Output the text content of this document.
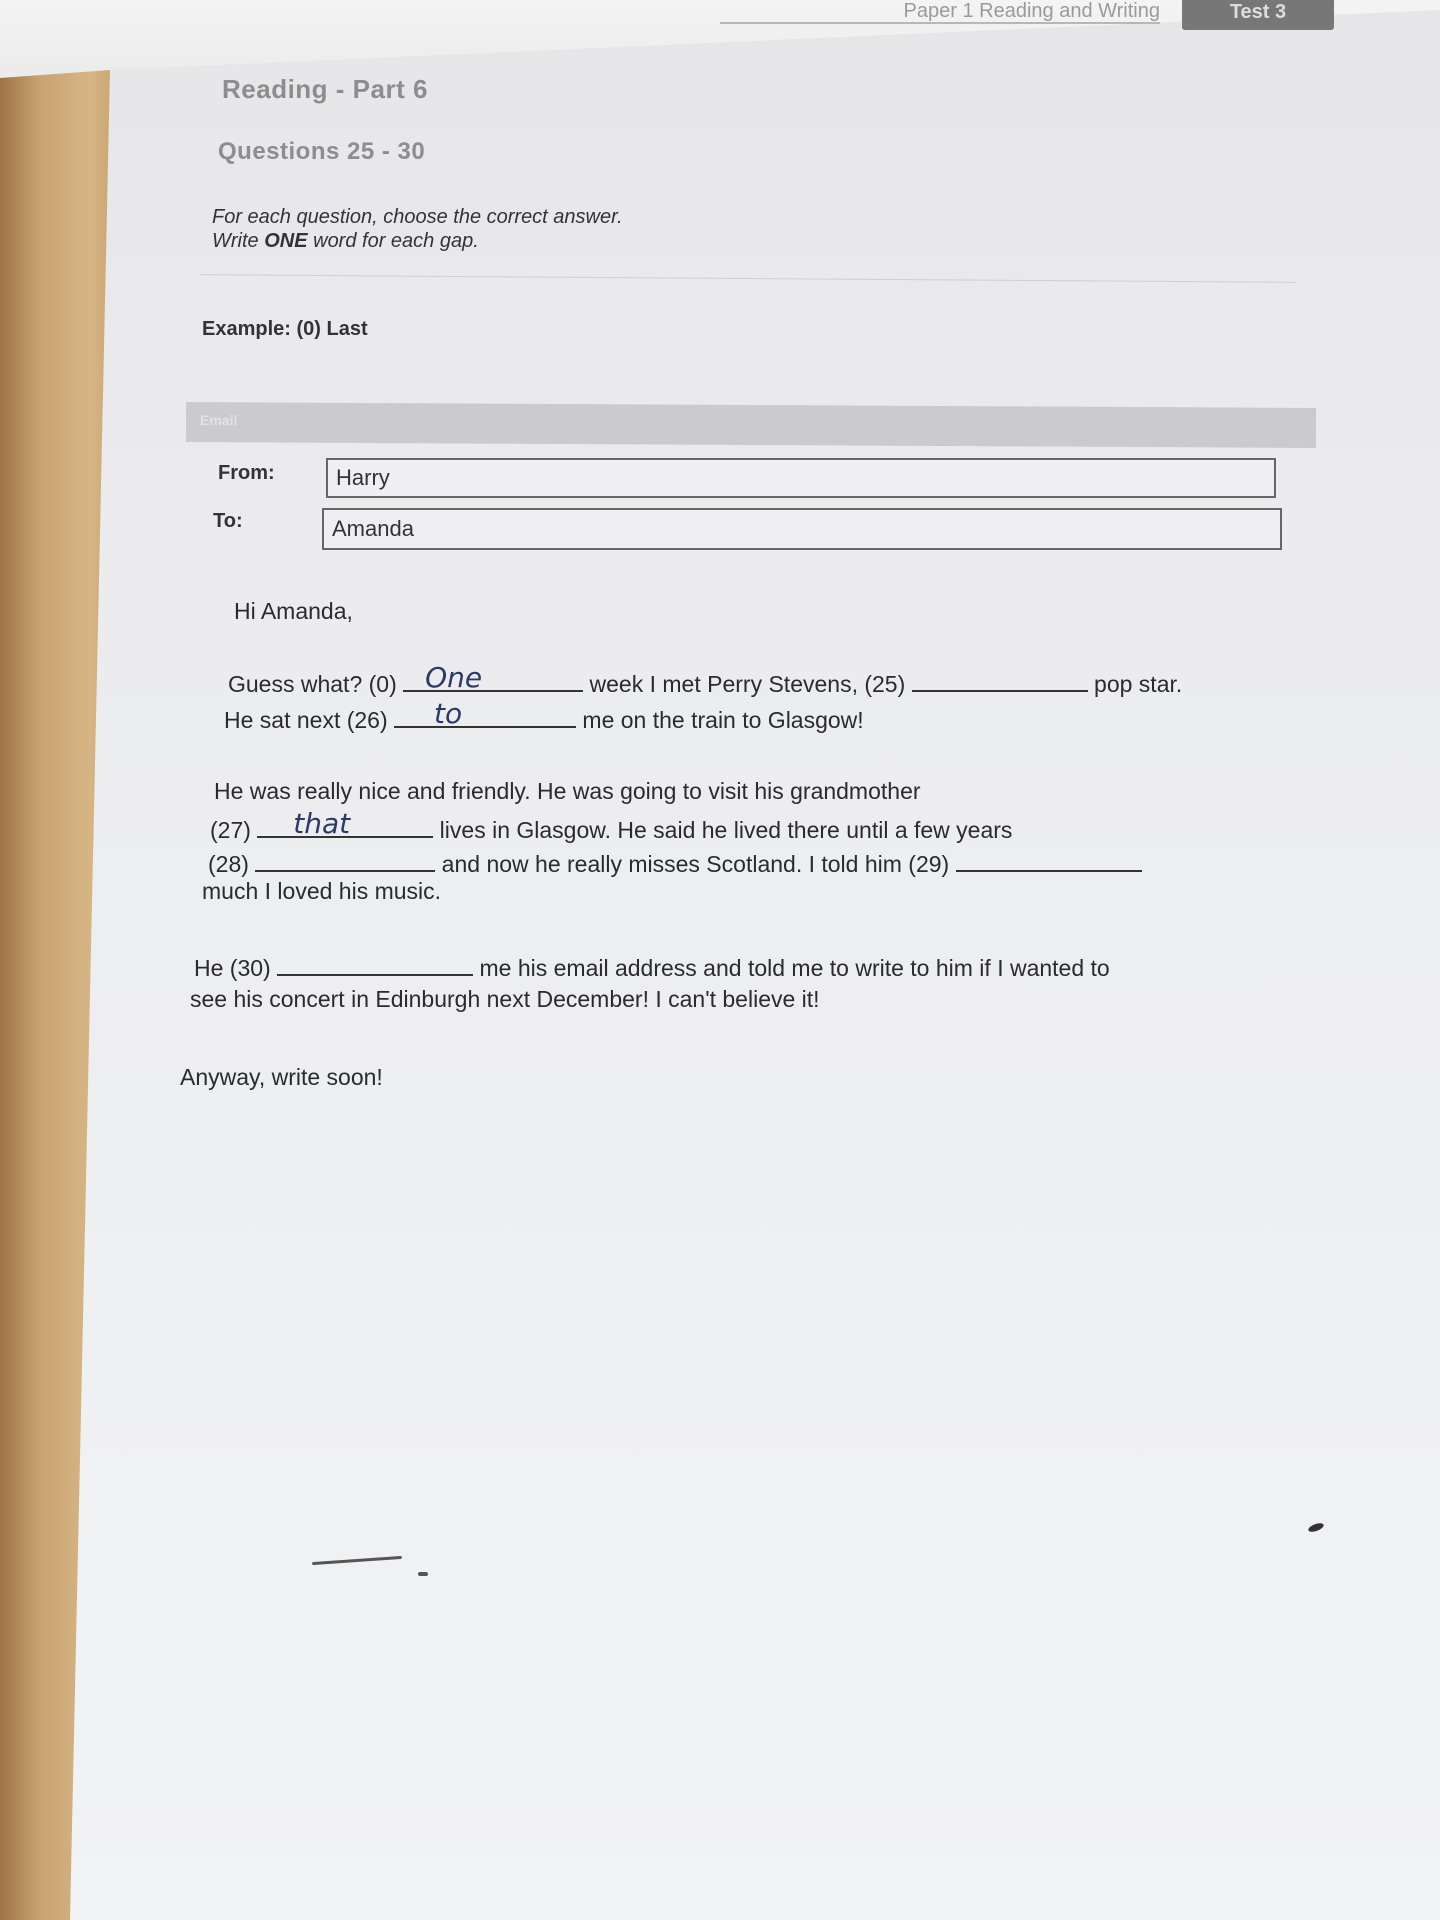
Paper 1 Reading and Writing	Test 3
Reading - Part 6
Questions 25 - 30
For each question, choose the correct answer.
Write ONE word for each gap.
Example: (0) Last
Email
From:	Harry
To:	Amanda
Hi Amanda,
Guess what? (0) One	week I met Perry Stevens, (25)	pop star.
He sat next (26) to	me on the train to Glasgow!
He was really nice and friendly. He was going to visit his grandmother
(27) that	lives in Glasgow. He said he lived there until a few years
(28)	and now he really misses Scotland. I told him (29)
much I loved his music.
He (30)	me his email address and told me to write to him if I wanted to
see his concert in Edinburgh next December! I can't believe it!
Anyway, write soon!
